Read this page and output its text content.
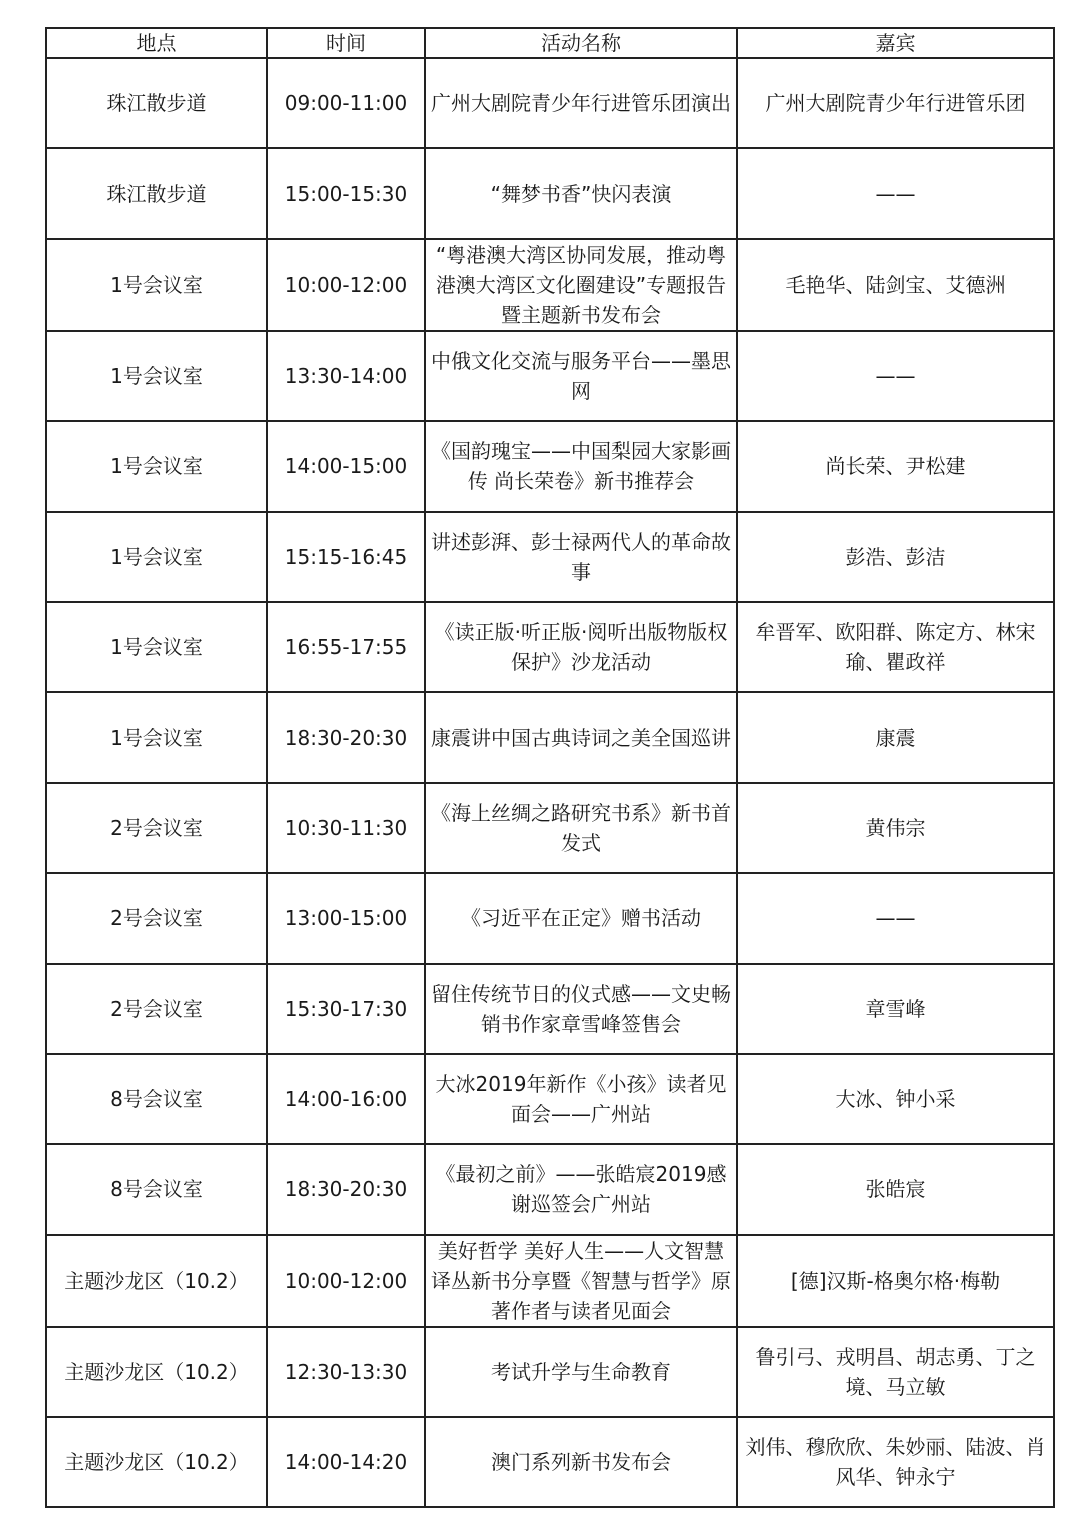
地点	时间	活动名称	嘉宾
珠江散步道	09:00-11:00	广州大剧院青少年行进管乐团演出	广州大剧院青少年行进管乐团
珠江散步道	15:00-15:30	“舞梦书香”快闪表演	——
1号会议室	10:00-12:00	“粤港澳大湾区协同发展，推动粤港澳大湾区文化圈建设”专题报告暨主题新书发布会	毛艳华、陆剑宝、艾德洲
1号会议室	13:30-14:00	中俄文化交流与服务平台——墨思网	——
1号会议室	14:00-15:00	《国韵瑰宝——中国梨园大家影画传 尚长荣卷》新书推荐会	尚长荣、尹松建
1号会议室	15:15-16:45	讲述彭湃、彭士禄两代人的革命故事	彭浩、彭洁
1号会议室	16:55-17:55	《读正版·听正版·阅听出版物版权保护》沙龙活动	牟晋军、欧阳群、陈定方、林宋瑜、瞿政祥
1号会议室	18:30-20:30	康震讲中国古典诗词之美全国巡讲	康震
2号会议室	10:30-11:30	《海上丝绸之路研究书系》新书首发式	黄伟宗
2号会议室	13:00-15:00	《习近平在正定》赠书活动	——
2号会议室	15:30-17:30	留住传统节日的仪式感——文史畅销书作家章雪峰签售会	章雪峰
8号会议室	14:00-16:00	大冰2019年新作《小孩》读者见面会——广州站	大冰、钟小采
8号会议室	18:30-20:30	《最初之前》——张皓宸2019感谢巡签会广州站	张皓宸
主题沙龙区（10.2）	10:00-12:00	美好哲学 美好人生——人文智慧译丛新书分享暨《智慧与哲学》原著作者与读者见面会	[德]汉斯-格奥尔格·梅勒
主题沙龙区（10.2）	12:30-13:30	考试升学与生命教育	鲁引弓、戎明昌、胡志勇、丁之境、马立敏
主题沙龙区（10.2）	14:00-14:20	澳门系列新书发布会	刘伟、穆欣欣、朱妙丽、陆波、肖风华、钟永宁
